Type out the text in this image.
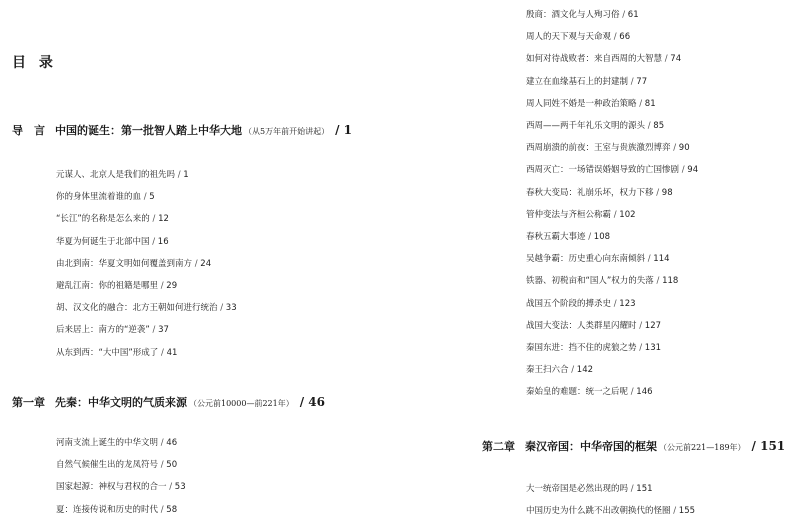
目 录
导　言 中国的诞生：第一批智人踏上中华大地 （从5万年前开始讲起） / 1
第一章 先秦：中华文明的气质来源 （公元前10000—前221年） / 46
第二章 秦汉帝国：中华帝国的框架 （公元前221—189年） / 151
元谋人、北京人是我们的祖先吗 / 1
你的身体里流着谁的血 / 5
“长江”的名称是怎么来的 / 12
华夏为何诞生于北部中国 / 16
由北到南：华夏文明如何覆盖到南方 / 24
避乱江南：你的祖籍是哪里 / 29
胡、汉文化的融合：北方王朝如何进行统治 / 33
后来居上：南方的“逆袭” / 37
从东到西：“大中国”形成了 / 41
河南支流上诞生的中华文明 / 46
自然气候催生出的龙凤符号 / 50
国家起源：神权与君权的合一 / 53
夏：连接传说和历史的时代 / 58
殷商：酒文化与人殉习俗 / 61
周人的天下观与天命观 / 66
如何对待战败者：来自西周的大智慧 / 74
建立在血缘基石上的封建制 / 77
周人同姓不婚是一种政治策略 / 81
西周——两千年礼乐文明的源头 / 85
西周崩溃的前夜：王室与贵族激烈博弈 / 90
西周灭亡：一场错误婚姻导致的亡国惨剧 / 94
春秋大变局：礼崩乐坏，权力下移 / 98
管仲变法与齐桓公称霸 / 102
春秋五霸大事迹 / 108
吴越争霸：历史重心向东南倾斜 / 114
铁器、初税亩和“国人”权力的失落 / 118
战国五个阶段的搏杀史 / 123
战国大变法：人类群星闪耀时 / 127
秦国东进：挡不住的虎狼之势 / 131
秦王扫六合 / 142
秦始皇的难题：统一之后呢 / 146
大一统帝国是必然出现的吗 / 151
中国历史为什么跳不出改朝换代的怪圈 / 155
